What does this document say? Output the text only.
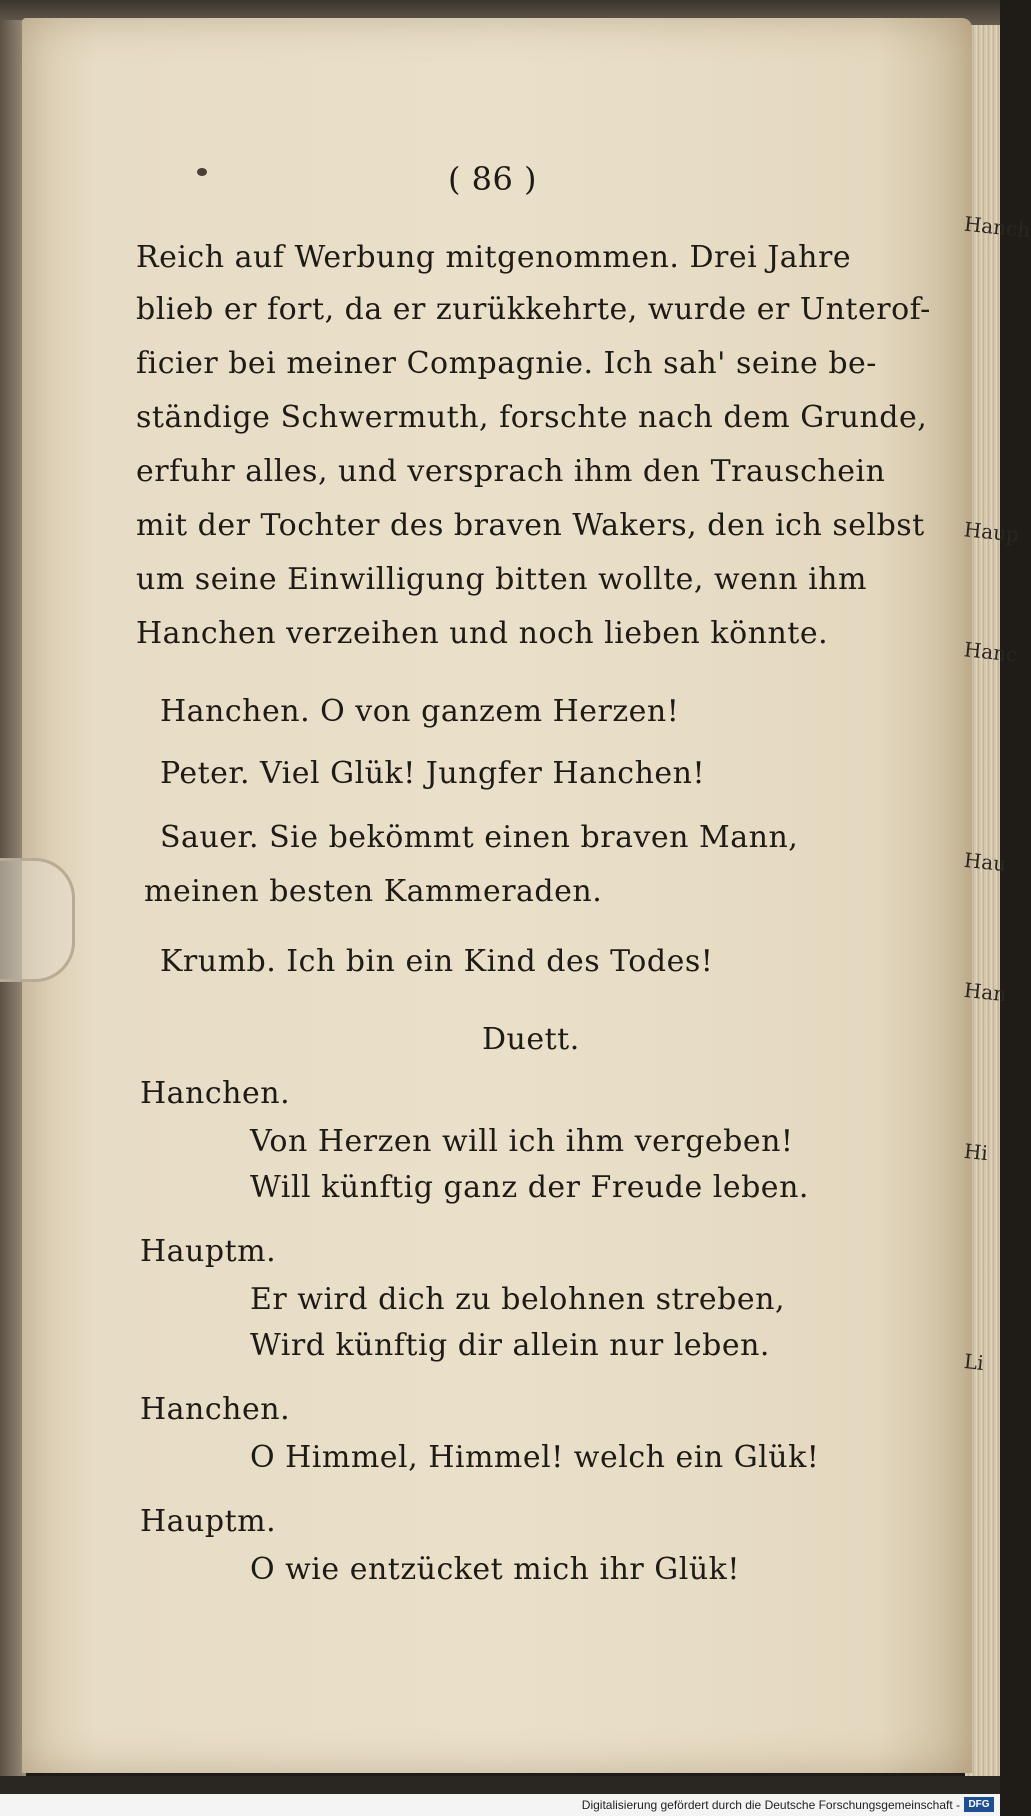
Hanch
Haup
Hanc
Hau
Han
Hi
Li
( 86 )
Reich auf Werbung mitgenommen. Drei Jahre
blieb er fort, da er zurükkehrte, wurde er Unterof-
ficier bei meiner Compagnie. Ich sah' seine be-
ständige Schwermuth, forschte nach dem Grunde,
erfuhr alles, und versprach ihm den Trauschein
mit der Tochter des braven Wakers, den ich selbst
um seine Einwilligung bitten wollte, wenn ihm
Hanchen verzeihen und noch lieben könnte.
Hanchen. O von ganzem Herzen!
Peter. Viel Glük! Jungfer Hanchen!
Sauer. Sie bekömmt einen braven Mann,
meinen besten Kammeraden.
Krumb. Ich bin ein Kind des Todes!
Duett.
Hanchen.
Von Herzen will ich ihm vergeben!
Will künftig ganz der Freude leben.
Hauptm.
Er wird dich zu belohnen streben,
Wird künftig dir allein nur leben.
Hanchen.
O Himmel, Himmel! welch ein Glük!
Hauptm.
O wie entzücket mich ihr Glük!
Digitalisierung gefördert durch die Deutsche Forschungsgemeinschaft - DFG
